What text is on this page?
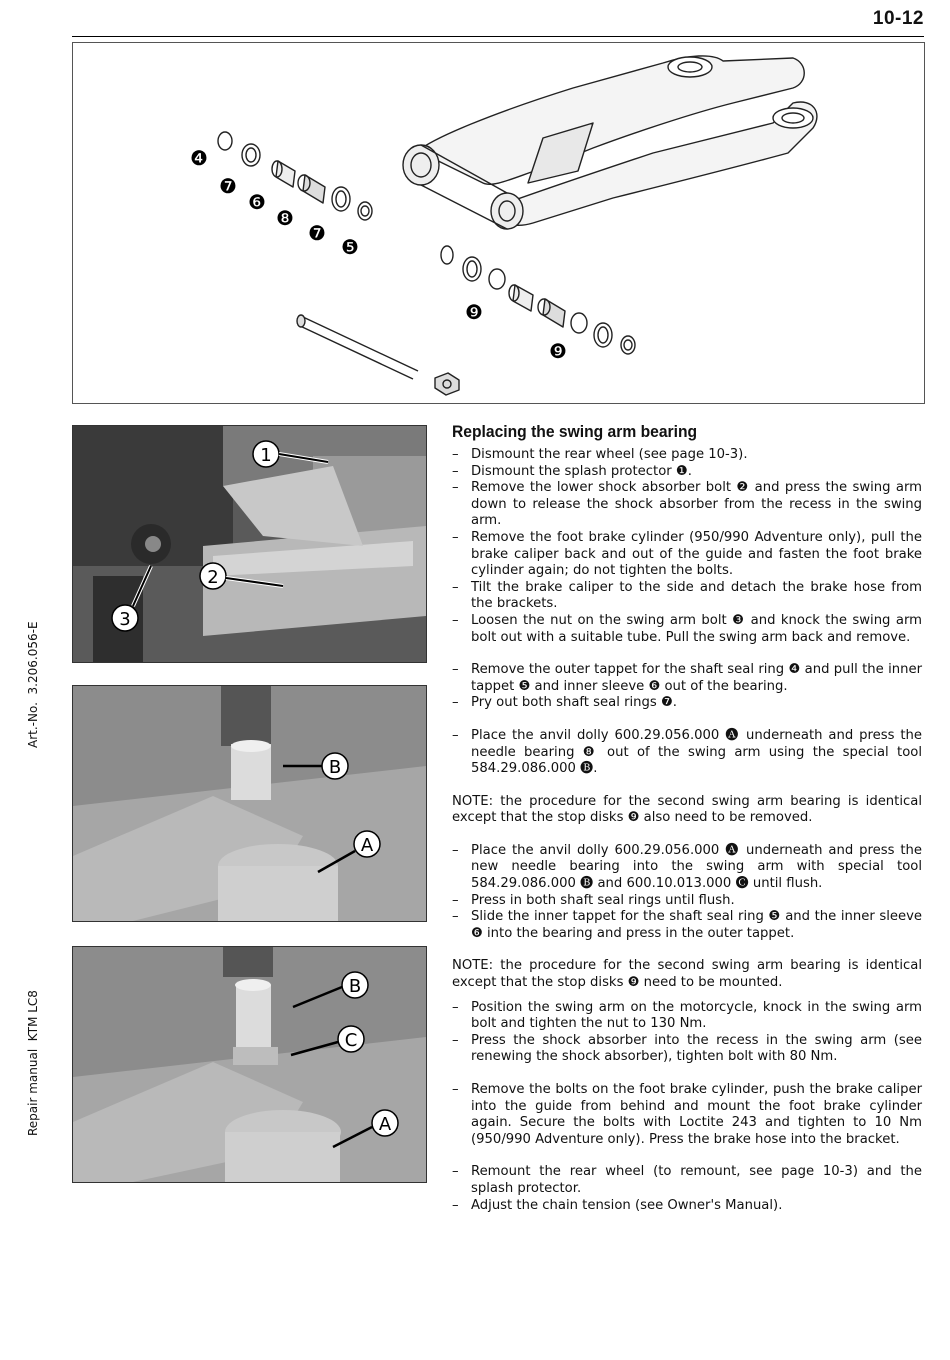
10-12
Art.-No.  3.206.056-E
Repair manual  KTM LC8
❹
❼
❻
❽
❼
❺
❾
❾
1
2
3
B
A
B
C
A
Replacing the swing arm bearing
– Dismount the rear wheel (see page 10-3).
– Dismount the splash protector ❶.
– Remove the lower shock absorber bolt ❷ and press the swing arm down to release the shock absorber from the recess in the swing arm.
– Remove the foot brake cylinder (950/990 Adventure only), pull the brake caliper back and out of the guide and fasten the foot brake cylinder again; do not tighten the bolts.
– Tilt the brake caliper to the side and detach the brake hose from the brackets.
– Loosen the nut on the swing arm bolt ❸ and knock the swing arm bolt out with a suitable tube. Pull the swing arm back and remove.
– Remove the outer tappet for the shaft seal ring ❹ and pull the inner tappet ❺ and inner sleeve ❻ out of the bearing.
– Pry out both shaft seal rings ❼.
– Place the anvil dolly 600.29.056.000 🅐 underneath and press the needle bearing ❽ out of the swing arm using the special tool 584.29.086.000 🅑.
NOTE: the procedure for the second swing arm bearing is identical except that the stop disks ❾ also need to be removed.
– Place the anvil dolly 600.29.056.000 🅐 underneath and press the new needle bearing into the swing arm with special tool 584.29.086.000 🅑 and 600.10.013.000 🅒 until flush.
– Press in both shaft seal rings until flush.
– Slide the inner tappet for the shaft seal ring ❺ and the inner sleeve ❻ into the bearing and press in the outer tappet.
NOTE: the procedure for the second swing arm bearing is identical except that the stop disks ❾ need to be mounted.
– Position the swing arm on the motorcycle, knock in the swing arm bolt and tighten the nut to 130 Nm.
– Press the shock absorber into the recess in the swing arm (see renewing the shock absorber), tighten bolt with 80 Nm.
– Remove the bolts on the foot brake cylinder, push the brake caliper into the guide from behind and mount the foot brake cylinder again. Secure the bolts with Loctite 243 and tighten to 10 Nm (950/990 Adventure only). Press the brake hose into the bracket.
– Remount the rear wheel (to remount, see page 10-3) and the splash protector.
– Adjust the chain tension (see Owner's Manual).
